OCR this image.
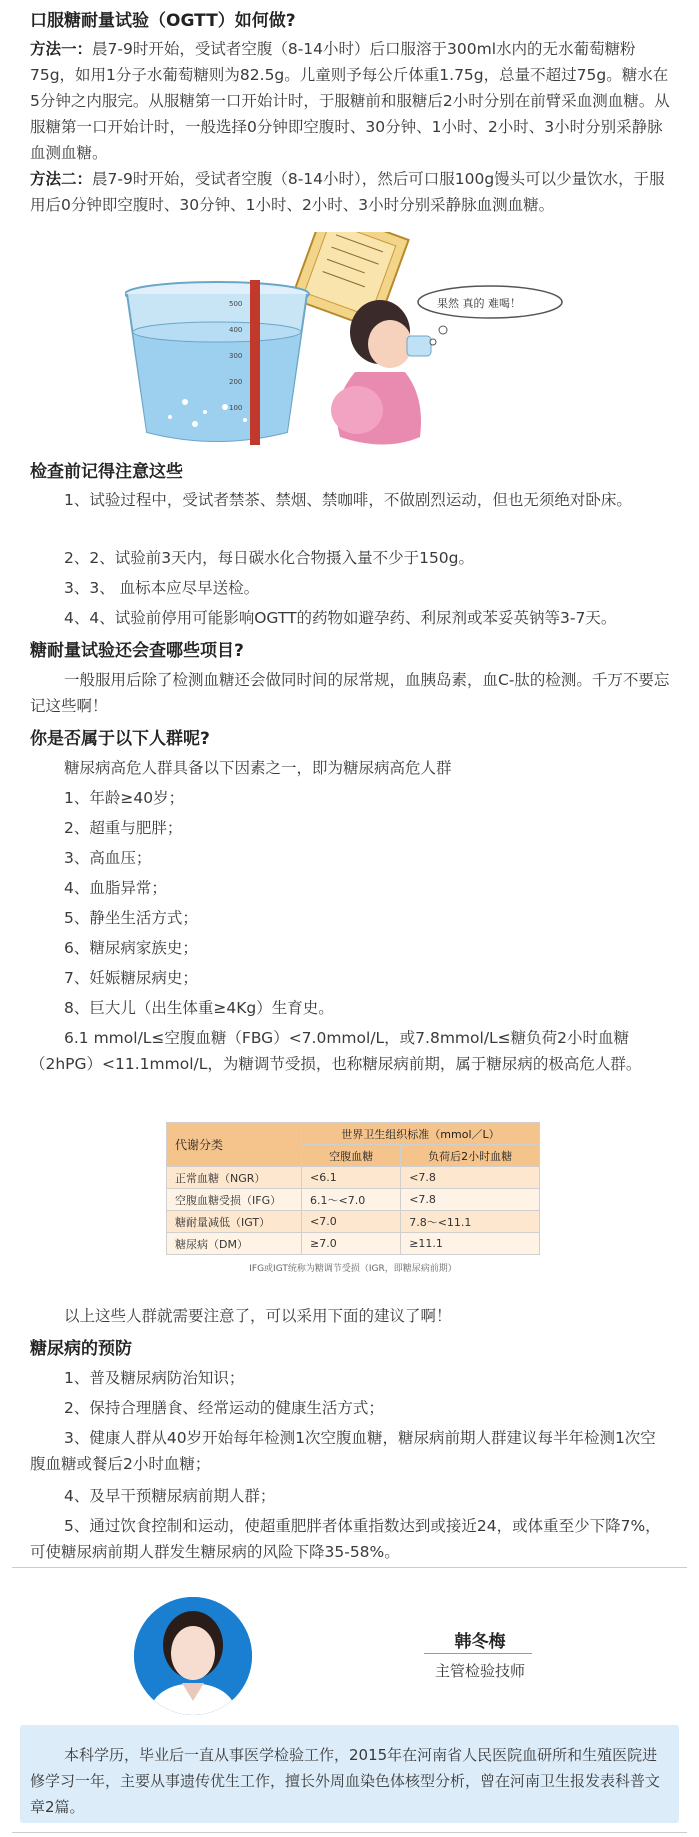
口服糖耐量试验（OGTT）如何做?
方法一：晨7-9时开始，受试者空腹（8-14小时）后口服溶于300ml水内的无水葡萄糖粉75g，如用1分子水葡萄糖则为82.5g。儿童则予每公斤体重1.75g，总量不超过75g。糖水在5分钟之内服完。从服糖第一口开始计时，于服糖前和服糖后2小时分别在前臂采血测血糖。从服糖第一口开始计时，一般选择0分钟即空腹时、30分钟、1小时、2小时、3小时分别采静脉血测血糖。
方法二：晨7-9时开始，受试者空腹（8-14小时），然后可口服100g馒头可以少量饮水，于服用后0分钟即空腹时、30分钟、1小时、2小时、3小时分别采静脉血测血糖。
500
400
300
200
100
果然 真的 难喝！
检查前记得注意这些
1、试验过程中，受试者禁茶、禁烟、禁咖啡，不做剧烈运动，但也无须绝对卧床。
2、2、试验前3天内，每日碳水化合物摄入量不少于150g。
3、3、 血标本应尽早送检。
4、4、试验前停用可能影响OGTT的药物如避孕药、利尿剂或苯妥英钠等3-7天。
糖耐量试验还会查哪些项目?
一般服用后除了检测血糖还会做同时间的尿常规，血胰岛素，血C-肽的检测。千万不要忘记这些啊！
你是否属于以下人群呢?
糖尿病高危人群具备以下因素之一，即为糖尿病高危人群
1、年龄≥40岁；
2、超重与肥胖；
3、高血压；
4、血脂异常；
5、静坐生活方式；
6、糖尿病家族史；
7、妊娠糖尿病史；
8、巨大儿（出生体重≥4Kg）生育史。
6.1 mmol/L≤空腹血糖（FBG）<7.0mmol/L，或7.8mmol/L≤糖负荷2小时血糖（2hPG）<11.1mmol/L，为糖调节受损，也称糖尿病前期，属于糖尿病的极高危人群。
代谢分类	世界卫生组织标准（mmol／L）	
	空腹血糖	负荷后2小时血糖
正常血糖（NGR）	<6.1	<7.8
空腹血糖受损（IFG）	6.1～<7.0	<7.8
糖耐量减低（IGT）	<7.0	7.8～<11.1
糖尿病（DM）	≥7.0	≥11.1
IFG或IGT统称为糖调节受损（IGR，即糖尿病前期）
以上这些人群就需要注意了，可以采用下面的建议了啊！
糖尿病的预防
1、普及糖尿病防治知识；
2、保持合理膳食、经常运动的健康生活方式；
3、健康人群从40岁开始每年检测1次空腹血糖，糖尿病前期人群建议每半年检测1次空腹血糖或餐后2小时血糖；
4、及早干预糖尿病前期人群；
5、通过饮食控制和运动，使超重肥胖者体重指数达到或接近24，或体重至少下降7%，可使糖尿病前期人群发生糖尿病的风险下降35-58%。
韩冬梅
主管检验技师
本科学历，毕业后一直从事医学检验工作，2015年在河南省人民医院血研所和生殖医院进修学习一年，主要从事遗传优生工作，擅长外周血染色体核型分析，曾在河南卫生报发表科普文章2篇。
